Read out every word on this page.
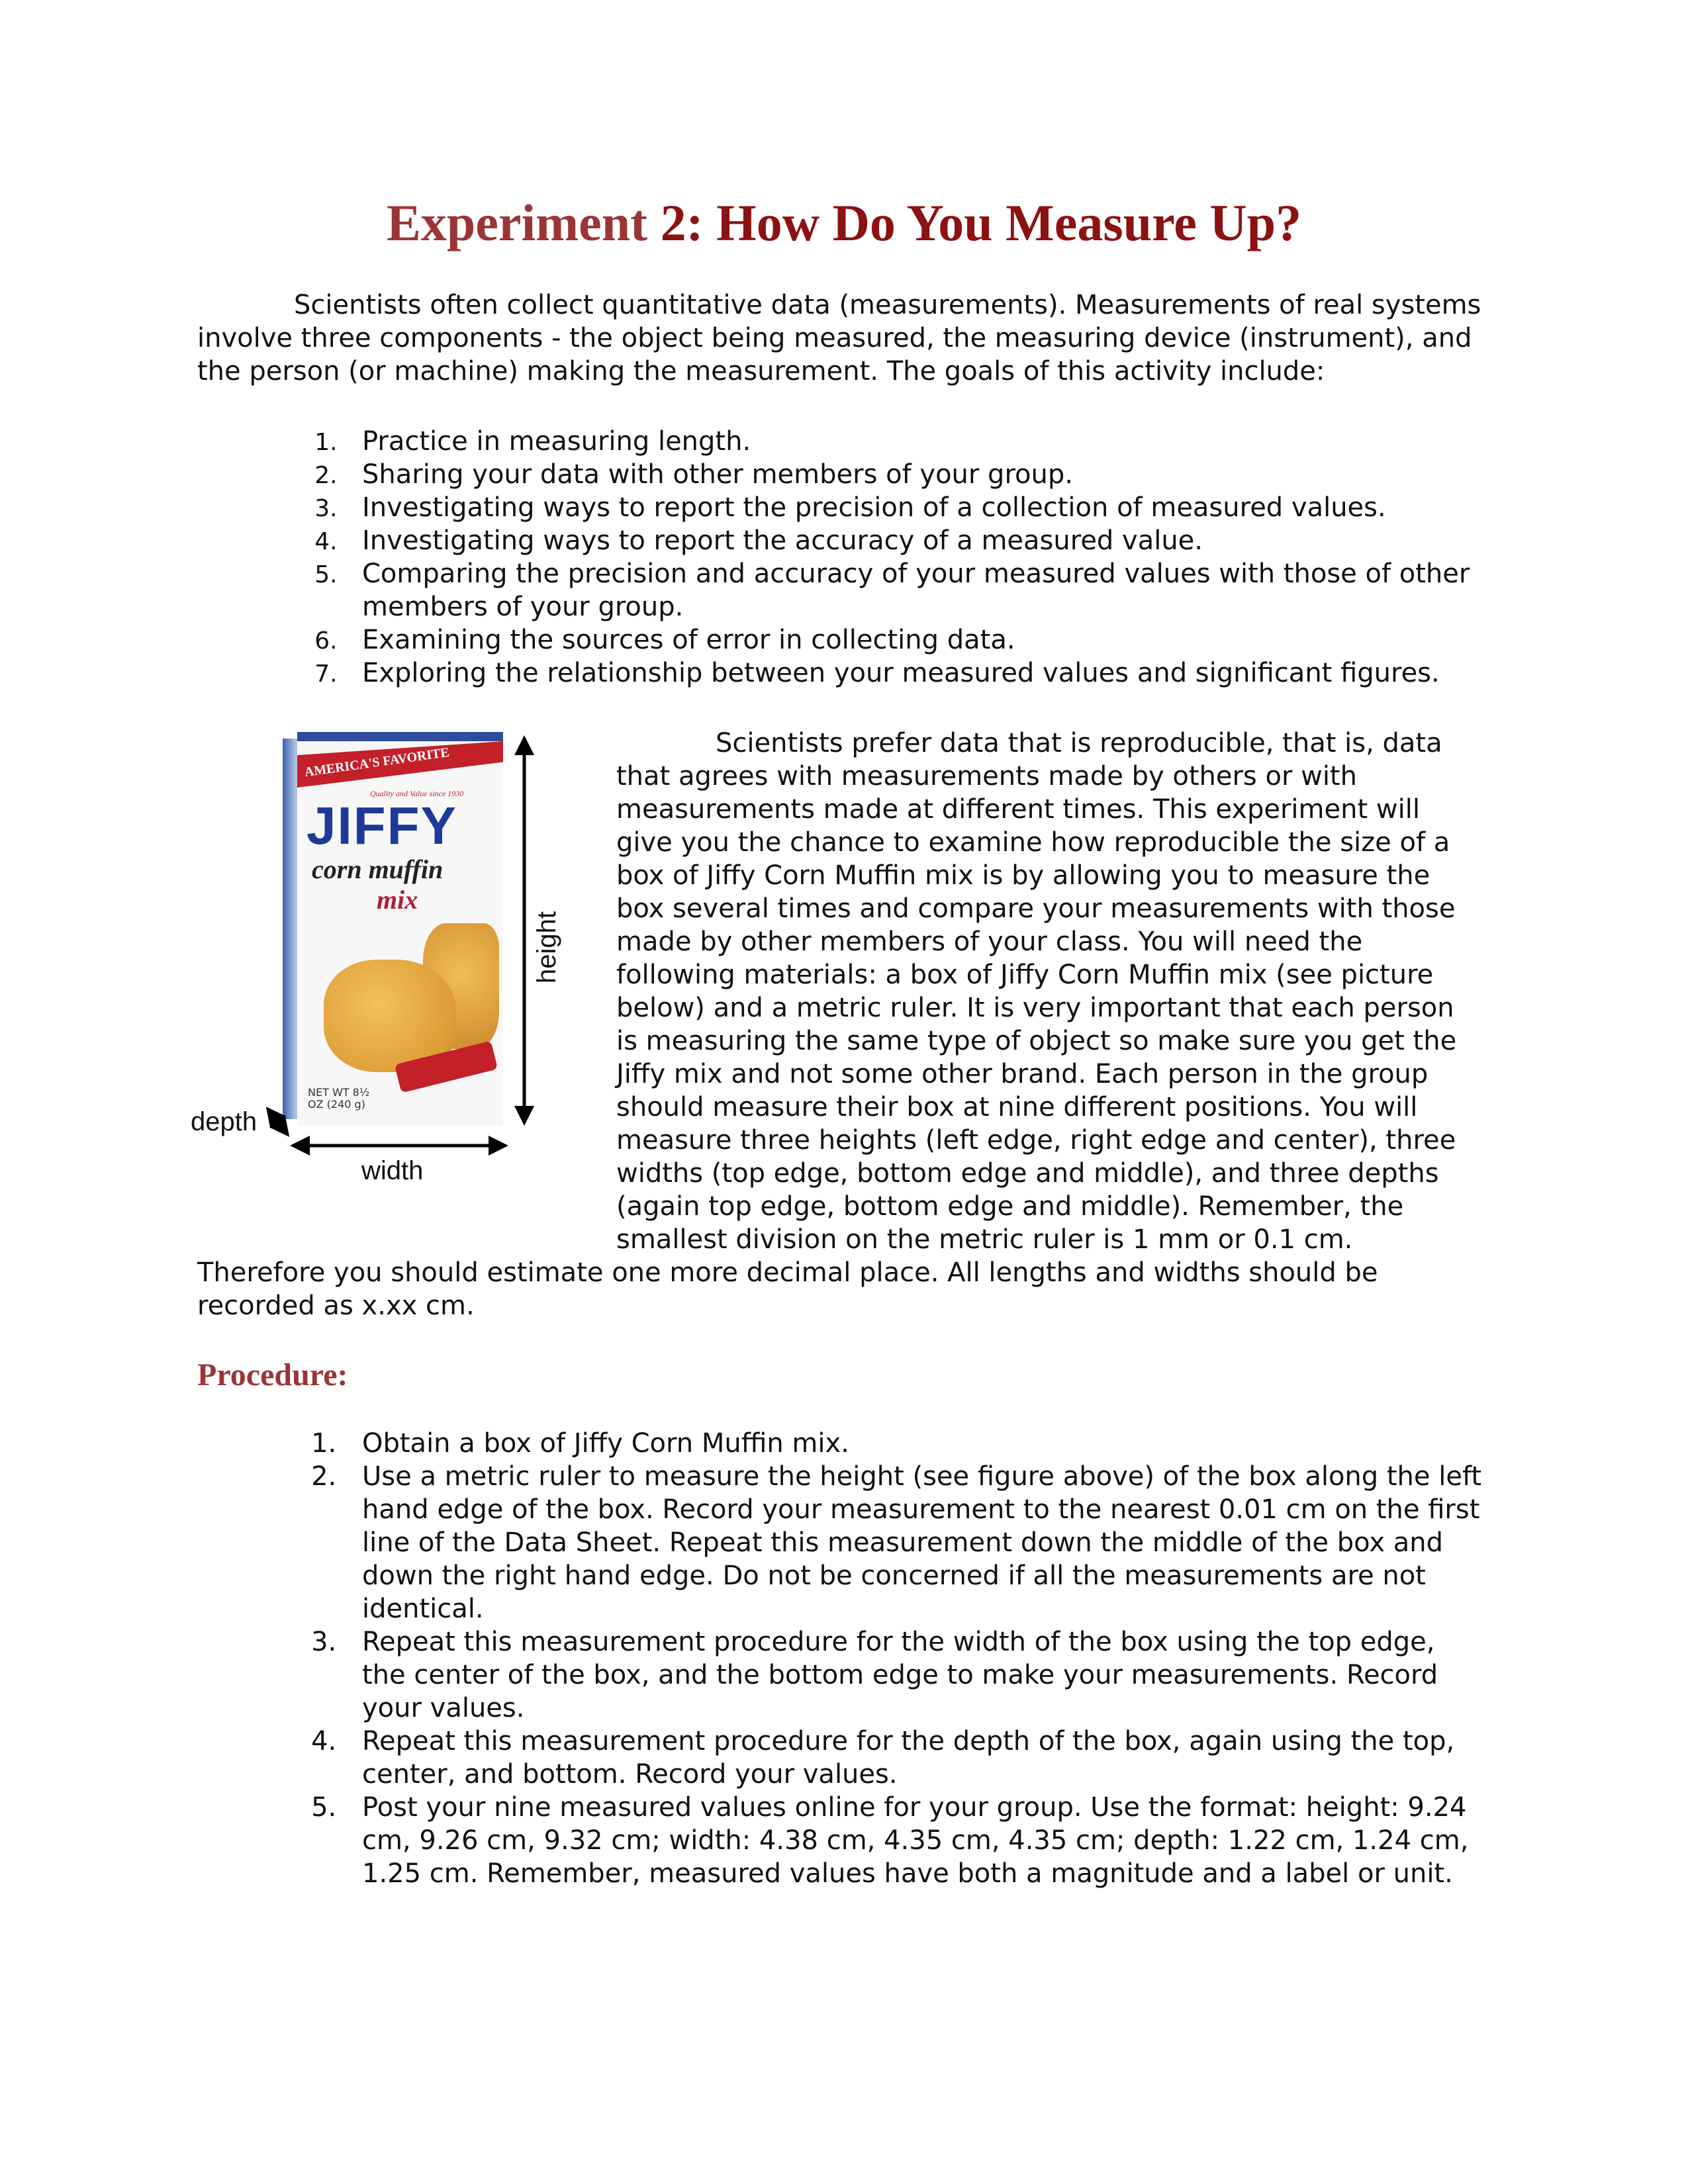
Experiment 2: How Do You Measure Up?

Scientists often collect quantitative data (measurements). Measurements of real systems involve three components - the object being measured, the measuring device (instrument), and the person (or machine) making the measurement. The goals of this activity include:

1. Practice in measuring length.
2. Sharing your data with other members of your group.
3. Investigating ways to report the precision of a collection of measured values.
4. Investigating ways to report the accuracy of a measured value.
5. Comparing the precision and accuracy of your measured values with those of other members of your group.
6. Examining the sources of error in collecting data.
7. Exploring the relationship between your measured values and significant figures.
AMERICA'S FAVORITE
Quality and Value since 1930
JIFFY
corn muffin
mix
NET WT 8½ OZ (240 g)
height
width
depth

Scientists prefer data that is reproducible, that is, data that agrees with measurements made by others or with measurements made at different times. This experiment will give you the chance to examine how reproducible the size of a box of Jiffy Corn Muffin mix is by allowing you to measure the box several times and compare your measurements with those made by other members of your class. You will need the following materials: a box of Jiffy Corn Muffin mix (see picture below) and a metric ruler. It is very important that each person is measuring the same type of object so make sure you get the Jiffy mix and not some other brand. Each person in the group should measure their box at nine different positions. You will measure three heights (left edge, right edge and center), three widths (top edge, bottom edge and middle), and three depths (again top edge, bottom edge and middle). Remember, the smallest division on the metric ruler is 1 mm or 0.1 cm. Therefore you should estimate one more decimal place. All lengths and widths should be recorded as x.xx cm.

Procedure:
1. Obtain a box of Jiffy Corn Muffin mix.
2. Use a metric ruler to measure the height (see figure above) of the box along the left hand edge of the box. Record your measurement to the nearest 0.01 cm on the first line of the Data Sheet. Repeat this measurement down the middle of the box and down the right hand edge. Do not be concerned if all the measurements are not identical.
3. Repeat this measurement procedure for the width of the box using the top edge, the center of the box, and the bottom edge to make your measurements. Record your values.
4. Repeat this measurement procedure for the depth of the box, again using the top, center, and bottom. Record your values.
5. Post your nine measured values online for your group. Use the format: height: 9.24 cm, 9.26 cm, 9.32 cm; width: 4.38 cm, 4.35 cm, 4.35 cm; depth: 1.22 cm, 1.24 cm, 1.25 cm. Remember, measured values have both a magnitude and a label or unit.
